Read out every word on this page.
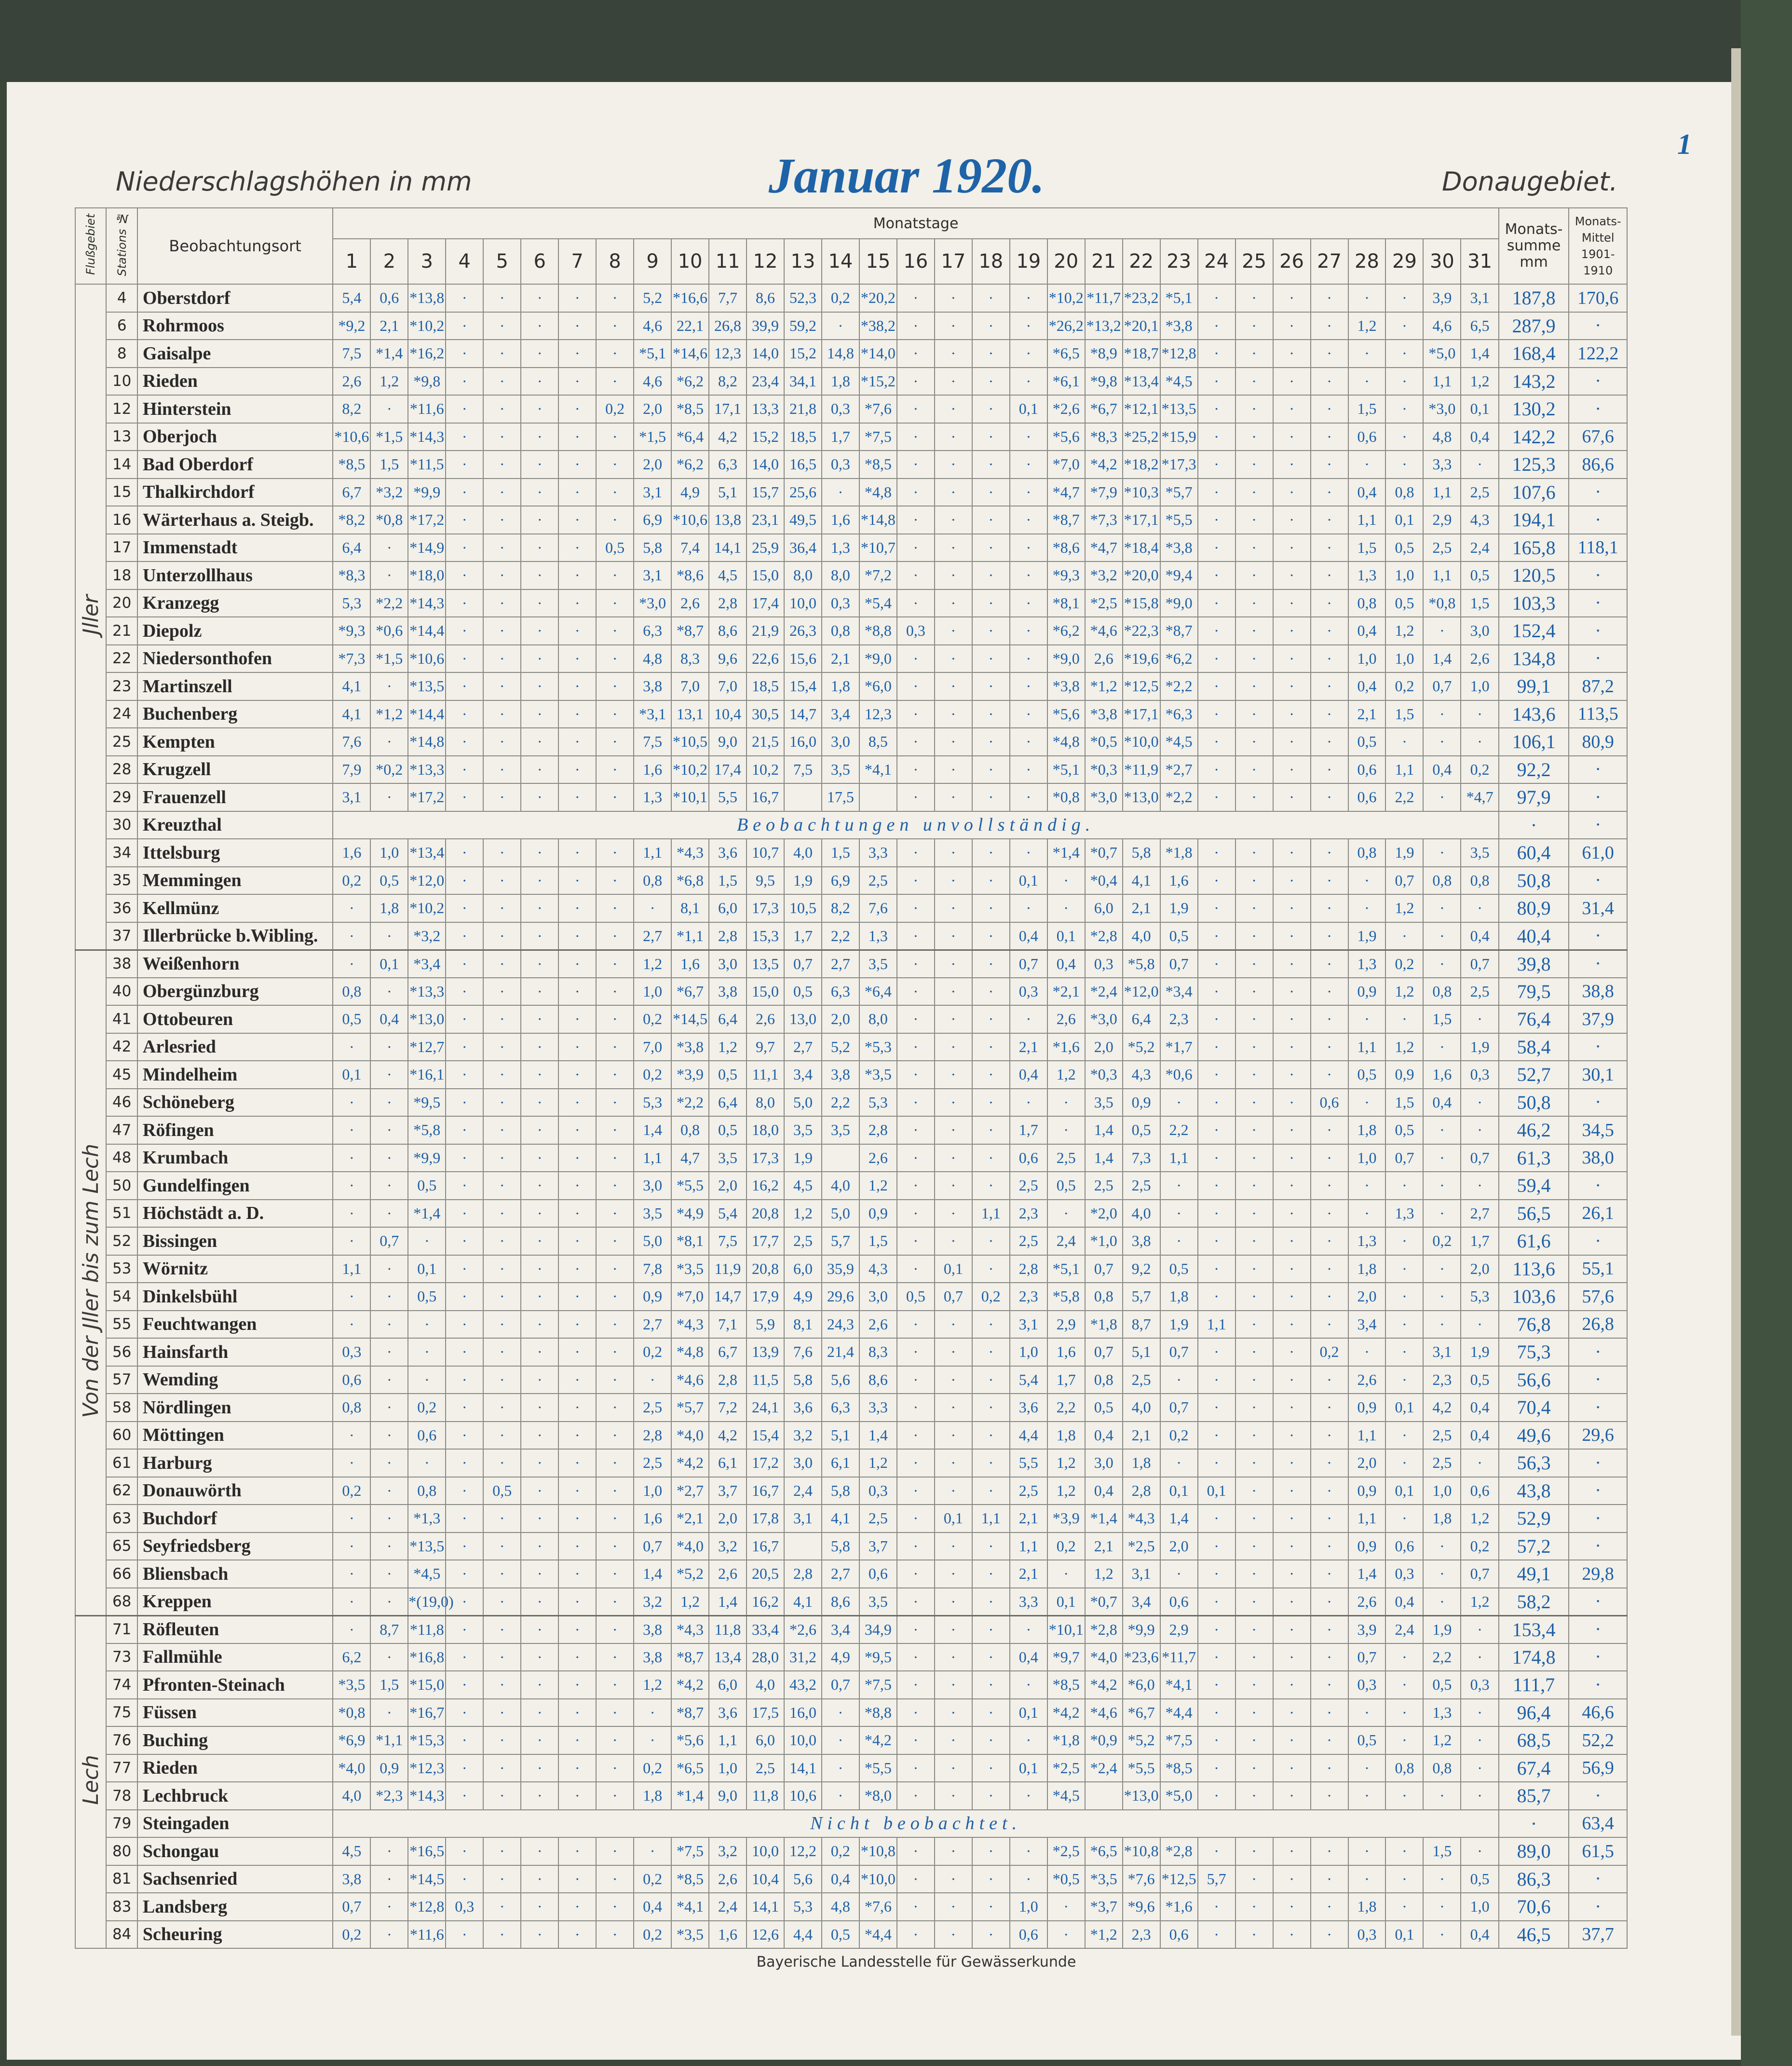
1
Niederschlagshöhen in mm	Januar 1920.	Donaugebiet.
Flußgebiet	Stations №	Beobachtungsort	Monatstage																															Monats-summe mm	Monats-Mittel 1901-1910
			1	2	3	4	5	6	7	8	9	10	11	12	13	14	15	16	17	18	19	20	21	22	23	24	25	26	27	28	29	30	31		
Jller	4	Oberstdorf	5,4	0,6	*13,8	·	·	·	·	·	5,2	*16,6	7,7	8,6	52,3	0,2	*20,2	·	·	·	·	*10,2	*11,7	*23,2	*5,1	·	·	·	·	·	·	3,9	3,1	187,8	170,6
	6	Rohrmoos	*9,2	2,1	*10,2	·	·	·	·	·	4,6	22,1	26,8	39,9	59,2	·	*38,2	·	·	·	·	*26,2	*13,2	*20,1	*3,8	·	·	·	·	1,2	·	4,6	6,5	287,9	·
	8	Gaisalpe	7,5	*1,4	*16,2	·	·	·	·	·	*5,1	*14,6	12,3	14,0	15,2	14,8	*14,0	·	·	·	·	*6,5	*8,9	*18,7	*12,8	·	·	·	·	·	·	*5,0	1,4	168,4	122,2
	10	Rieden	2,6	1,2	*9,8	·	·	·	·	·	4,6	*6,2	8,2	23,4	34,1	1,8	*15,2	·	·	·	·	*6,1	*9,8	*13,4	*4,5	·	·	·	·	·	·	1,1	1,2	143,2	·
	12	Hinterstein	8,2	·	*11,6	·	·	·	·	0,2	2,0	*8,5	17,1	13,3	21,8	0,3	*7,6	·	·	·	0,1	*2,6	*6,7	*12,1	*13,5	·	·	·	·	1,5	·	*3,0	0,1	130,2	·
	13	Oberjoch	*10,6	*1,5	*14,3	·	·	·	·	·	*1,5	*6,4	4,2	15,2	18,5	1,7	*7,5	·	·	·	·	*5,6	*8,3	*25,2	*15,9	·	·	·	·	0,6	·	4,8	0,4	142,2	67,6
	14	Bad Oberdorf	*8,5	1,5	*11,5	·	·	·	·	·	2,0	*6,2	6,3	14,0	16,5	0,3	*8,5	·	·	·	·	*7,0	*4,2	*18,2	*17,3	·	·	·	·	·	·	3,3	·	125,3	86,6
	15	Thalkirchdorf	6,7	*3,2	*9,9	·	·	·	·	·	3,1	4,9	5,1	15,7	25,6	·	*4,8	·	·	·	·	*4,7	*7,9	*10,3	*5,7	·	·	·	·	0,4	0,8	1,1	2,5	107,6	·
	16	Wärterhaus a. Steigb.	*8,2	*0,8	*17,2	·	·	·	·	·	6,9	*10,6	13,8	23,1	49,5	1,6	*14,8	·	·	·	·	*8,7	*7,3	*17,1	*5,5	·	·	·	·	1,1	0,1	2,9	4,3	194,1	·
	17	Immenstadt	6,4	·	*14,9	·	·	·	·	0,5	5,8	7,4	14,1	25,9	36,4	1,3	*10,7	·	·	·	·	*8,6	*4,7	*18,4	*3,8	·	·	·	·	1,5	0,5	2,5	2,4	165,8	118,1
	18	Unterzollhaus	*8,3	·	*18,0	·	·	·	·	·	3,1	*8,6	4,5	15,0	8,0	8,0	*7,2	·	·	·	·	*9,3	*3,2	*20,0	*9,4	·	·	·	·	1,3	1,0	1,1	0,5	120,5	·
	20	Kranzegg	5,3	*2,2	*14,3	·	·	·	·	·	*3,0	2,6	2,8	17,4	10,0	0,3	*5,4	·	·	·	·	*8,1	*2,5	*15,8	*9,0	·	·	·	·	0,8	0,5	*0,8	1,5	103,3	·
	21	Diepolz	*9,3	*0,6	*14,4	·	·	·	·	·	6,3	*8,7	8,6	21,9	26,3	0,8	*8,8	0,3	·	·	·	*6,2	*4,6	*22,3	*8,7	·	·	·	·	0,4	1,2	·	3,0	152,4	·
	22	Niedersonthofen	*7,3	*1,5	*10,6	·	·	·	·	·	4,8	8,3	9,6	22,6	15,6	2,1	*9,0	·	·	·	·	*9,0	2,6	*19,6	*6,2	·	·	·	·	1,0	1,0	1,4	2,6	134,8	·
	23	Martinszell	4,1	·	*13,5	·	·	·	·	·	3,8	7,0	7,0	18,5	15,4	1,8	*6,0	·	·	·	·	*3,8	*1,2	*12,5	*2,2	·	·	·	·	0,4	0,2	0,7	1,0	99,1	87,2
	24	Buchenberg	4,1	*1,2	*14,4	·	·	·	·	·	*3,1	13,1	10,4	30,5	14,7	3,4	12,3	·	·	·	·	*5,6	*3,8	*17,1	*6,3	·	·	·	·	2,1	1,5	·	·	143,6	113,5
	25	Kempten	7,6	·	*14,8	·	·	·	·	·	7,5	*10,5	9,0	21,5	16,0	3,0	8,5	·	·	·	·	*4,8	*0,5	*10,0	*4,5	·	·	·	·	0,5	·	·	·	106,1	80,9
	28	Krugzell	7,9	*0,2	*13,3	·	·	·	·	·	1,6	*10,2	17,4	10,2	7,5	3,5	*4,1	·	·	·	·	*5,1	*0,3	*11,9	*2,7	·	·	·	·	0,6	1,1	0,4	0,2	92,2	·
	29	Frauenzell	3,1	·	*17,2	·	·	·	·	·	1,3	*10,1	5,5	16,7		17,5		·	·	·	·	*0,8	*3,0	*13,0	*2,2	·	·	·	·	0,6	2,2	·	*4,7	97,9	·
	30	Kreuzthal	Beobachtungen unvollständig.																															·	·
	34	Ittelsburg	1,6	1,0	*13,4	·	·	·	·	·	1,1	*4,3	3,6	10,7	4,0	1,5	3,3	·	·	·	·	*1,4	*0,7	5,8	*1,8	·	·	·	·	0,8	1,9	·	3,5	60,4	61,0
	35	Memmingen	0,2	0,5	*12,0	·	·	·	·	·	0,8	*6,8	1,5	9,5	1,9	6,9	2,5	·	·	·	0,1	·	*0,4	4,1	1,6	·	·	·	·	·	0,7	0,8	0,8	50,8	·
	36	Kellmünz	·	1,8	*10,2	·	·	·	·	·	·	8,1	6,0	17,3	10,5	8,2	7,6	·	·	·	·	·	6,0	2,1	1,9	·	·	·	·	·	1,2	·	·	80,9	31,4
	37	Illerbrücke b.Wibling.	·	·	*3,2	·	·	·	·	·	2,7	*1,1	2,8	15,3	1,7	2,2	1,3	·	·	·	0,4	0,1	*2,8	4,0	0,5	·	·	·	·	1,9	·	·	0,4	40,4	·
Von der Jller bis zum Lech	38	Weißenhorn	·	0,1	*3,4	·	·	·	·	·	1,2	1,6	3,0	13,5	0,7	2,7	3,5	·	·	·	0,7	0,4	0,3	*5,8	0,7	·	·	·	·	1,3	0,2	·	0,7	39,8	·
	40	Obergünzburg	0,8	·	*13,3	·	·	·	·	·	1,0	*6,7	3,8	15,0	0,5	6,3	*6,4	·	·	·	0,3	*2,1	*2,4	*12,0	*3,4	·	·	·	·	0,9	1,2	0,8	2,5	79,5	38,8
	41	Ottobeuren	0,5	0,4	*13,0	·	·	·	·	·	0,2	*14,5	6,4	2,6	13,0	2,0	8,0	·	·	·	·	2,6	*3,0	6,4	2,3	·	·	·	·	·	·	1,5	·	76,4	37,9
	42	Arlesried	·	·	*12,7	·	·	·	·	·	7,0	*3,8	1,2	9,7	2,7	5,2	*5,3	·	·	·	2,1	*1,6	2,0	*5,2	*1,7	·	·	·	·	1,1	1,2	·	1,9	58,4	·
	45	Mindelheim	0,1	·	*16,1	·	·	·	·	·	0,2	*3,9	0,5	11,1	3,4	3,8	*3,5	·	·	·	0,4	1,2	*0,3	4,3	*0,6	·	·	·	·	0,5	0,9	1,6	0,3	52,7	30,1
	46	Schöneberg	·	·	*9,5	·	·	·	·	·	5,3	*2,2	6,4	8,0	5,0	2,2	5,3	·	·	·	·	·	3,5	0,9	·	·	·	·	0,6	·	1,5	0,4	·	50,8	·
	47	Röfingen	·	·	*5,8	·	·	·	·	·	1,4	0,8	0,5	18,0	3,5	3,5	2,8	·	·	·	1,7	·	1,4	0,5	2,2	·	·	·	·	1,8	0,5	·	·	46,2	34,5
	48	Krumbach	·	·	*9,9	·	·	·	·	·	1,1	4,7	3,5	17,3	1,9		2,6	·	·	·	0,6	2,5	1,4	7,3	1,1	·	·	·	·	1,0	0,7	·	0,7	61,3	38,0
	50	Gundelfingen	·	·	0,5	·	·	·	·	·	3,0	*5,5	2,0	16,2	4,5	4,0	1,2	·	·	·	2,5	0,5	2,5	2,5	·	·	·	·	·	·	·	·	·	59,4	·
	51	Höchstädt a. D.	·	·	*1,4	·	·	·	·	·	3,5	*4,9	5,4	20,8	1,2	5,0	0,9	·	·	1,1	2,3	·	*2,0	4,0	·	·	·	·	·	·	1,3	·	2,7	56,5	26,1
	52	Bissingen	·	0,7	·	·	·	·	·	·	5,0	*8,1	7,5	17,7	2,5	5,7	1,5	·	·	·	2,5	2,4	*1,0	3,8	·	·	·	·	·	1,3	·	0,2	1,7	61,6	·
	53	Wörnitz	1,1	·	0,1	·	·	·	·	·	7,8	*3,5	11,9	20,8	6,0	35,9	4,3	·	0,1	·	2,8	*5,1	0,7	9,2	0,5	·	·	·	·	1,8	·	·	2,0	113,6	55,1
	54	Dinkelsbühl	·	·	0,5	·	·	·	·	·	0,9	*7,0	14,7	17,9	4,9	29,6	3,0	0,5	0,7	0,2	2,3	*5,8	0,8	5,7	1,8	·	·	·	·	2,0	·	·	5,3	103,6	57,6
	55	Feuchtwangen	·	·	·	·	·	·	·	·	2,7	*4,3	7,1	5,9	8,1	24,3	2,6	·	·	·	3,1	2,9	*1,8	8,7	1,9	1,1	·	·	·	3,4	·	·	·	76,8	26,8
	56	Hainsfarth	0,3	·	·	·	·	·	·	·	0,2	*4,8	6,7	13,9	7,6	21,4	8,3	·	·	·	1,0	1,6	0,7	5,1	0,7	·	·	·	0,2	·	·	3,1	1,9	75,3	·
	57	Wemding	0,6	·	·	·	·	·	·	·	·	*4,6	2,8	11,5	5,8	5,6	8,6	·	·	·	5,4	1,7	0,8	2,5	·	·	·	·	·	2,6	·	2,3	0,5	56,6	·
	58	Nördlingen	0,8	·	0,2	·	·	·	·	·	2,5	*5,7	7,2	24,1	3,6	6,3	3,3	·	·	·	3,6	2,2	0,5	4,0	0,7	·	·	·	·	0,9	0,1	4,2	0,4	70,4	·
	60	Möttingen	·	·	0,6	·	·	·	·	·	2,8	*4,0	4,2	15,4	3,2	5,1	1,4	·	·	·	4,4	1,8	0,4	2,1	0,2	·	·	·	·	1,1	·	2,5	0,4	49,6	29,6
	61	Harburg	·	·	·	·	·	·	·	·	2,5	*4,2	6,1	17,2	3,0	6,1	1,2	·	·	·	5,5	1,2	3,0	1,8	·	·	·	·	·	2,0	·	2,5	·	56,3	·
	62	Donauwörth	0,2	·	0,8	·	0,5	·	·	·	1,0	*2,7	3,7	16,7	2,4	5,8	0,3	·	·	·	2,5	1,2	0,4	2,8	0,1	0,1	·	·	·	0,9	0,1	1,0	0,6	43,8	·
	63	Buchdorf	·	·	*1,3	·	·	·	·	·	1,6	*2,1	2,0	17,8	3,1	4,1	2,5	·	0,1	1,1	2,1	*3,9	*1,4	*4,3	1,4	·	·	·	·	1,1	·	1,8	1,2	52,9	·
	65	Seyfriedsberg	·	·	*13,5	·	·	·	·	·	0,7	*4,0	3,2	16,7		5,8	3,7	·	·	·	1,1	0,2	2,1	*2,5	2,0	·	·	·	·	0,9	0,6	·	0,2	57,2	·
	66	Bliensbach	·	·	*4,5	·	·	·	·	·	1,4	*5,2	2,6	20,5	2,8	2,7	0,6	·	·	·	2,1	·	1,2	3,1	·	·	·	·	·	1,4	0,3	·	0,7	49,1	29,8
	68	Kreppen	·	·	*(19,0)	·	·	·	·	·	3,2	1,2	1,4	16,2	4,1	8,6	3,5	·	·	·	3,3	0,1	*0,7	3,4	0,6	·	·	·	·	2,6	0,4	·	1,2	58,2	·
Lech	71	Röfleuten	·	8,7	*11,8	·	·	·	·	·	3,8	*4,3	11,8	33,4	*2,6	3,4	34,9	·	·	·	·	*10,1	*2,8	*9,9	2,9	·	·	·	·	3,9	2,4	1,9	·	153,4	·
	73	Fallmühle	6,2	·	*16,8	·	·	·	·	·	3,8	*8,7	13,4	28,0	31,2	4,9	*9,5	·	·	·	0,4	*9,7	*4,0	*23,6	*11,7	·	·	·	·	0,7	·	2,2	·	174,8	·
	74	Pfronten-Steinach	*3,5	1,5	*15,0	·	·	·	·	·	1,2	*4,2	6,0	4,0	43,2	0,7	*7,5	·	·	·	·	*8,5	*4,2	*6,0	*4,1	·	·	·	·	0,3	·	0,5	0,3	111,7	·
	75	Füssen	*0,8	·	*16,7	·	·	·	·	·	·	*8,7	3,6	17,5	16,0	·	*8,8	·	·	·	0,1	*4,2	*4,6	*6,7	*4,4	·	·	·	·	·	·	1,3	·	96,4	46,6
	76	Buching	*6,9	*1,1	*15,3	·	·	·	·	·	·	*5,6	1,1	6,0	10,0	·	*4,2	·	·	·	·	*1,8	*0,9	*5,2	*7,5	·	·	·	·	0,5	·	1,2	·	68,5	52,2
	77	Rieden	*4,0	0,9	*12,3	·	·	·	·	·	0,2	*6,5	1,0	2,5	14,1	·	*5,5	·	·	·	0,1	*2,5	*2,4	*5,5	*8,5	·	·	·	·	·	0,8	0,8	·	67,4	56,9
	78	Lechbruck	4,0	*2,3	*14,3	·	·	·	·	·	1,8	*1,4	9,0	11,8	10,6	·	*8,0	·	·	·	·	*4,5		*13,0	*5,0	·	·	·	·	·	·	·	·	85,7	·
	79	Steingaden	Nicht beobachtet.																															·	63,4
	80	Schongau	4,5	·	*16,5	·	·	·	·	·	·	*7,5	3,2	10,0	12,2	0,2	*10,8	·	·	·	·	*2,5	*6,5	*10,8	*2,8	·	·	·	·	·	·	1,5	·	89,0	61,5
	81	Sachsenried	3,8	·	*14,5	·	·	·	·	·	0,2	*8,5	2,6	10,4	5,6	0,4	*10,0	·	·	·	·	*0,5	*3,5	*7,6	*12,5	5,7	·	·	·	·	·	·	0,5	86,3	·
	83	Landsberg	0,7	·	*12,8	0,3	·	·	·	·	0,4	*4,1	2,4	14,1	5,3	4,8	*7,6	·	·	·	1,0	·	*3,7	*9,6	*1,6	·	·	·	·	1,8	·	·	1,0	70,6	·
	84	Scheuring	0,2	·	*11,6	·	·	·	·	·	0,2	*3,5	1,6	12,6	4,4	0,5	*4,4	·	·	·	0,6	·	*1,2	2,3	0,6	·	·	·	·	0,3	0,1	·	0,4	46,5	37,7
Bayerische Landesstelle für Gewässerkunde
